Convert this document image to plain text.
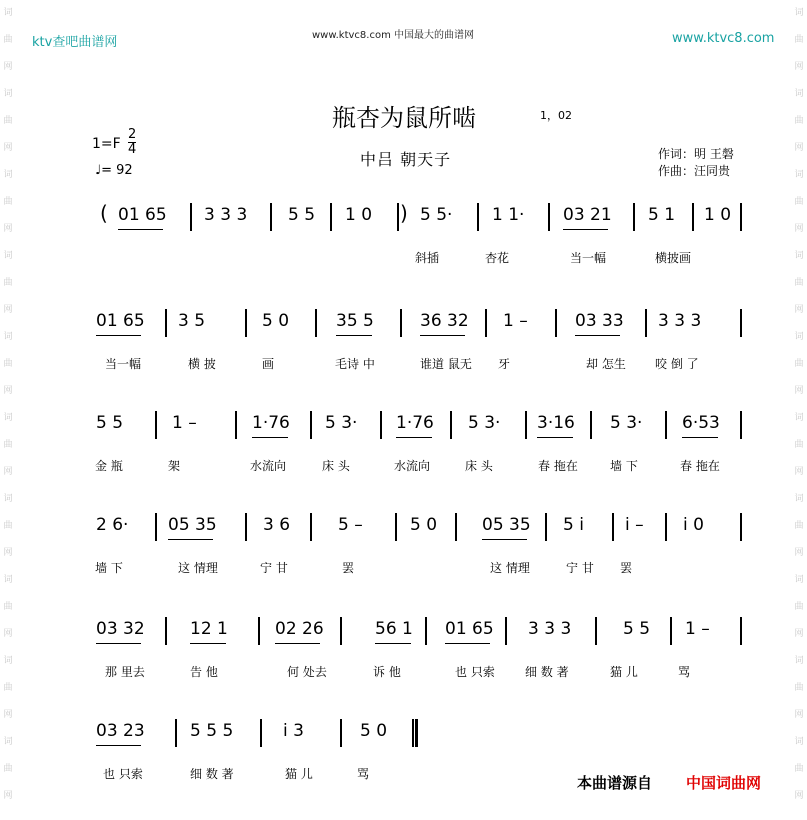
词
曲
网
词
曲
网
词
曲
网
词
曲
网
词
曲
网
词
曲
网
词
曲
网
词
曲
网
词
曲
网
词
曲
网

词
曲
网
词
曲
网
词
曲
网
词
曲
网
词
曲
网
词
曲
网
词
曲
网
词
曲
网
词
曲
网
词
曲
网

ktv查吧曲谱网	www.ktvc8.com 中国最大的曲谱网	www.ktvc8.com
瓶杏为鼠所啮	1，02
$1=F \frac{2}{4}$
♩= 92
中吕 朝天子	作词：明 王磐
作曲：汪同贵
(	)
01 65 3 3 3 5 5 1 0	5 5· 1 1· 03 21 5 1 1 0
斜插	杏花	当一幅	横披画
01 65 3 5	5 0	35 5	36 32 1 –	03 33 3 3 3
当一幅	横 披	画	毛诗 中	谁道 鼠无 牙	却 怎生 咬 倒 了
5 5	1 –	1·76 5 3· 1·76 5 3· 3·16 5 3· 6·53
金 瓶	架	水流向	床 头	水流向	床 头	春 拖在	墙 下	春 拖在
2 6· 05 35	3 6	5 –	5 0	05 35 5 i i – i 0
墙 下	这 情理	宁 甘	罢	这 情理	宁 甘 罢
03 32	12 1	02 26	56 1 01 65 3 3 3	5 5 1 –
那 里去	告 他	何 处去	诉 他	也 只索	细 数 著	猫 儿	骂
03 23	5 5 5	i 3	5 0
也 只索	细 数 著	猫 儿	骂	本曲谱源自 中国词曲网
